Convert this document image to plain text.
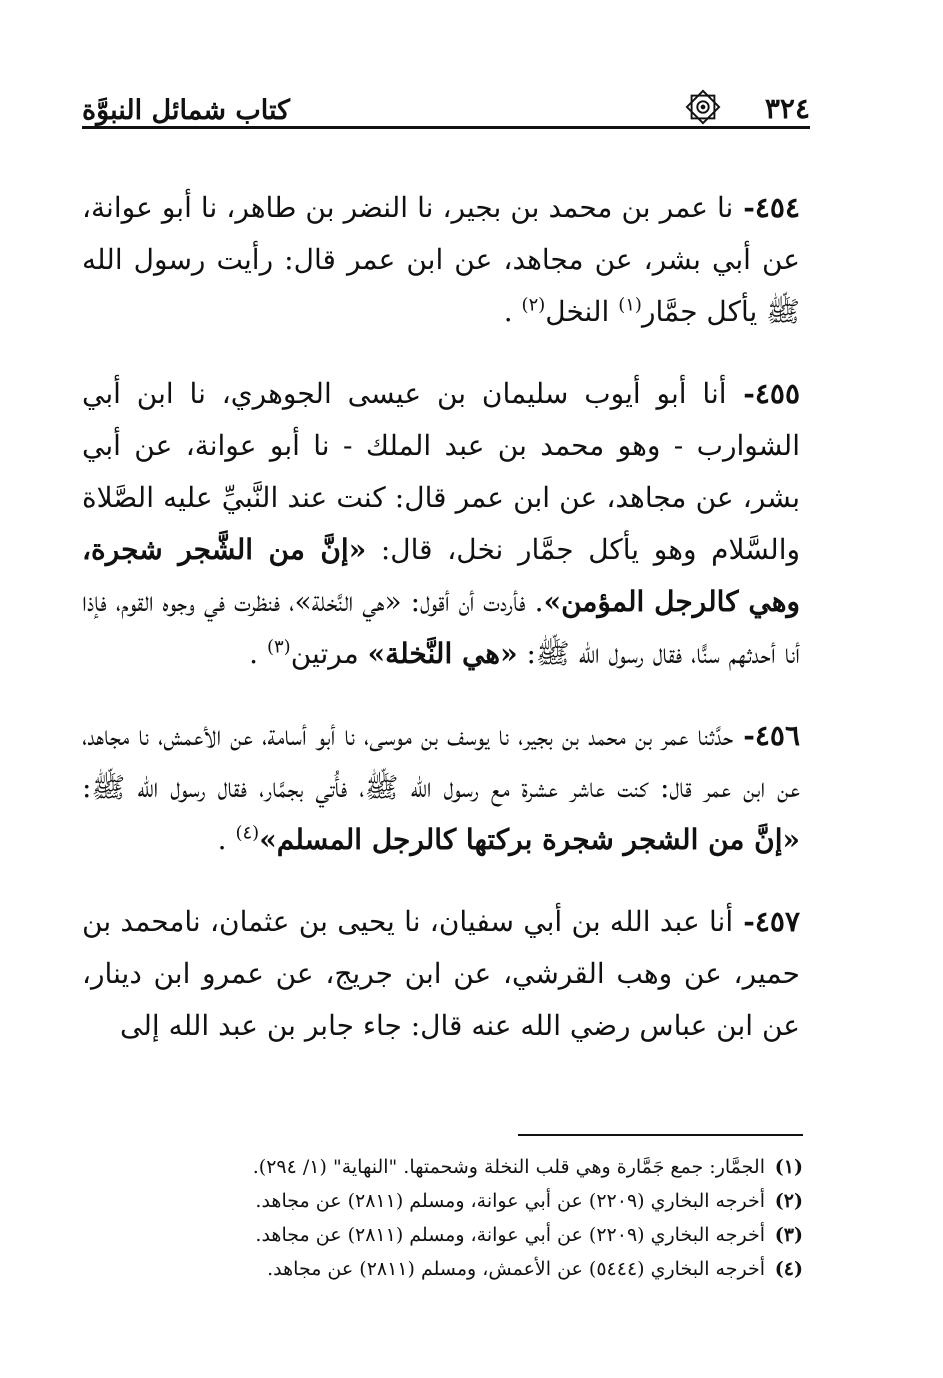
٣٢٤
كتاب شمائل النبوَّة

٤٥٤- نا عمر بن محمد بن بجير، نا النضر بن طاهر، نا أبو عوانة، عن أبي بشر، عن مجاهد، عن ابن عمر قال: رأيت رسول الله ﷺ يأكل جمَّار$^{(١)}$ النخل$^{(٢)}$ .

٤٥٥- أنا أبو أيوب سليمان بن عيسى الجوهري، نا ابن أبي الشوارب - وهو محمد بن عبد الملك - نا أبو عوانة، عن أبي بشر، عن مجاهد، عن ابن عمر قال: كنت عند النَّبيِّ عليه الصَّلاة والسَّلام وهو يأكل جمَّار نخل، قال: «إنَّ من الشَّجر شجرة، وهي كالرجل المؤمن». فأردت أن أقول: «هي النَّخلة»، فنظرت في وجوه القوم، فإذا أنا أحدثهم سنًّا، فقال رسول الله ﷺ: «هي النَّخلة» مرتين$^{(٣)}$ .

٤٥٦- حدَّثنا عمر بن محمد بن بجير، نا يوسف بن موسى، نا أبو أسامة، عن الأعمش، نا مجاهد، عن ابن عمر قال: كنت عاشر عشرة مع رسول الله ﷺ، فأُتي بجمَّار، فقال رسول الله ﷺ: «إنَّ من الشجر شجرة بركتها كالرجل المسلم»$^{(٤)}$ .

٤٥٧- أنا عبد الله بن أبي سفيان، نا يحيى بن عثمان، نامحمد بن حمير، عن وهب القرشي، عن ابن جريج، عن عمرو ابن دينار، عن ابن عباس رضي الله عنه قال: جاء جابر بن عبد الله إلى

(١)الجمَّار: جمع جَمَّارة وهي قلب النخلة وشحمتها. "النهاية" (١/ ٢٩٤).
(٢)أخرجه البخاري (٢٢٠٩) عن أبي عوانة، ومسلم (٢٨١١) عن مجاهد.
(٣)أخرجه البخاري (٢٢٠٩) عن أبي عوانة، ومسلم (٢٨١١) عن مجاهد.
(٤)أخرجه البخاري (٥٤٤٤) عن الأعمش، ومسلم (٢٨١١) عن مجاهد.
